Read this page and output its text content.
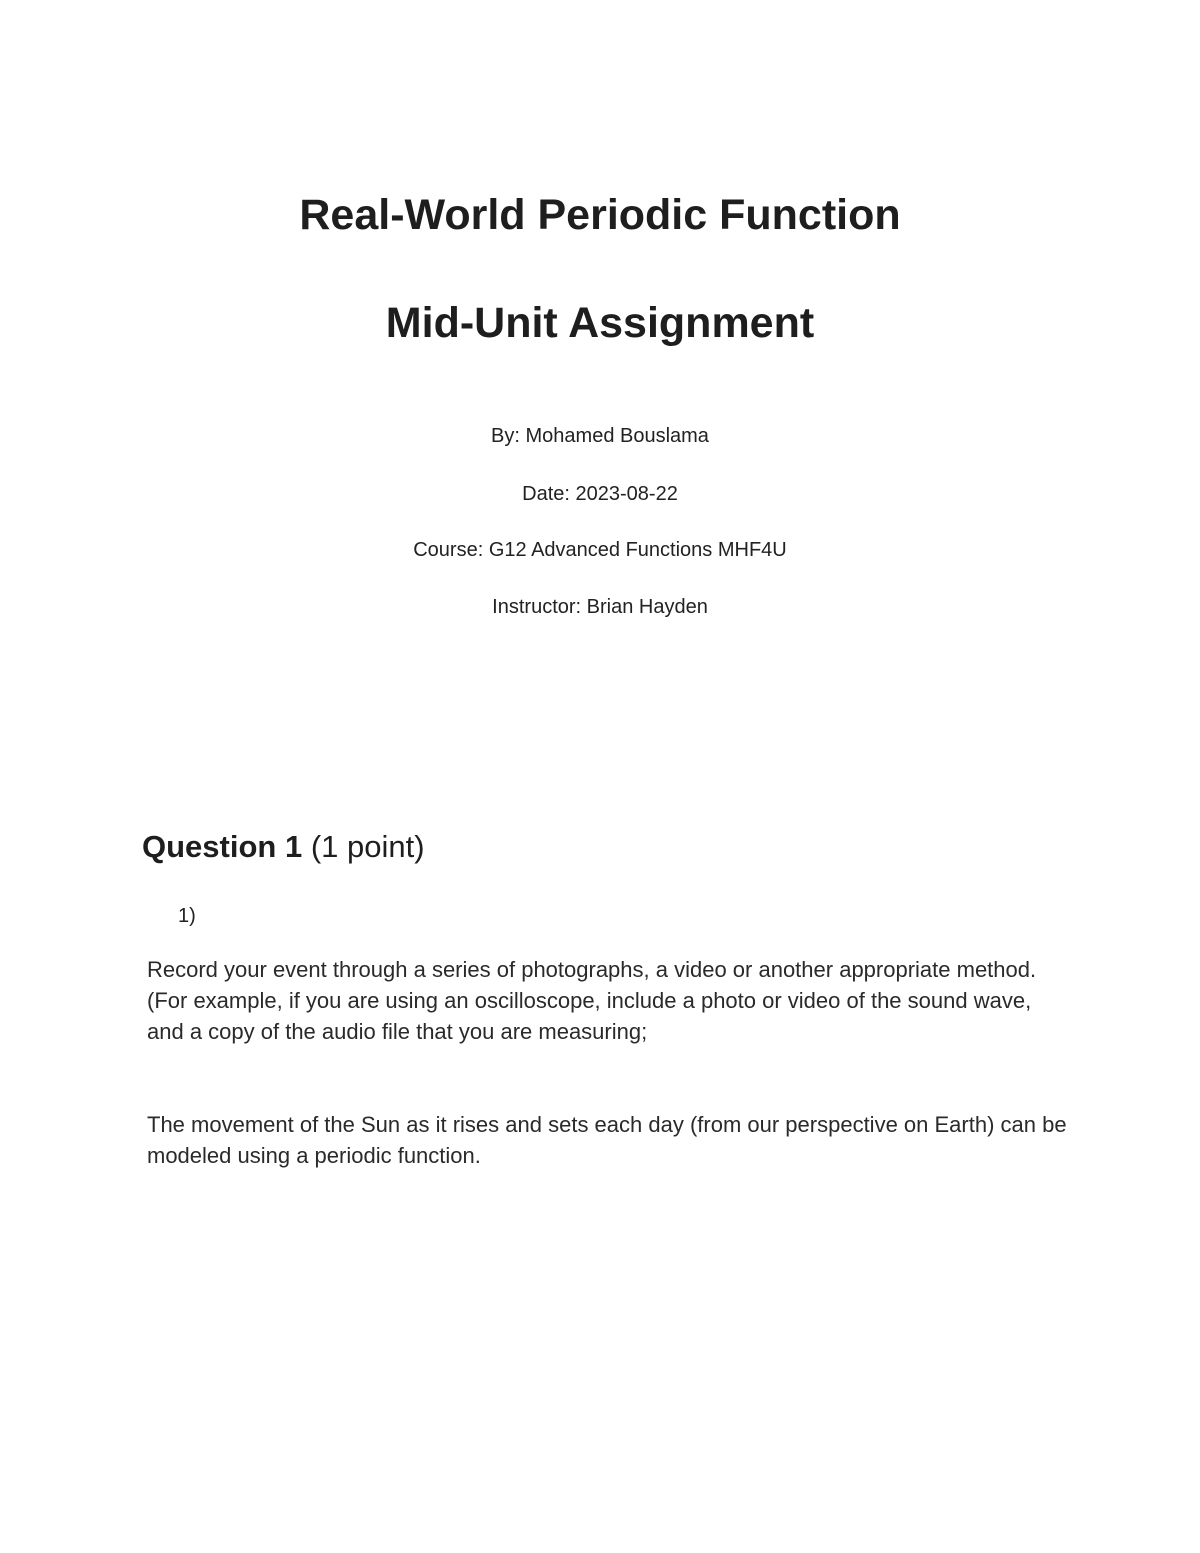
Real-World Periodic Function
Mid-Unit Assignment
By: Mohamed Bouslama
Date: 2023-08-22
Course: G12 Advanced Functions MHF4U
Instructor: Brian Hayden
Question 1 (1 point)
1)

Record your event through a series of photographs, a video or another appropriate method. (For example, if you are using an oscilloscope, include a photo or video of the sound wave, and a copy of the audio file that you are measuring;

The movement of the Sun as it rises and sets each day (from our perspective on Earth) can be modeled using a periodic function.
